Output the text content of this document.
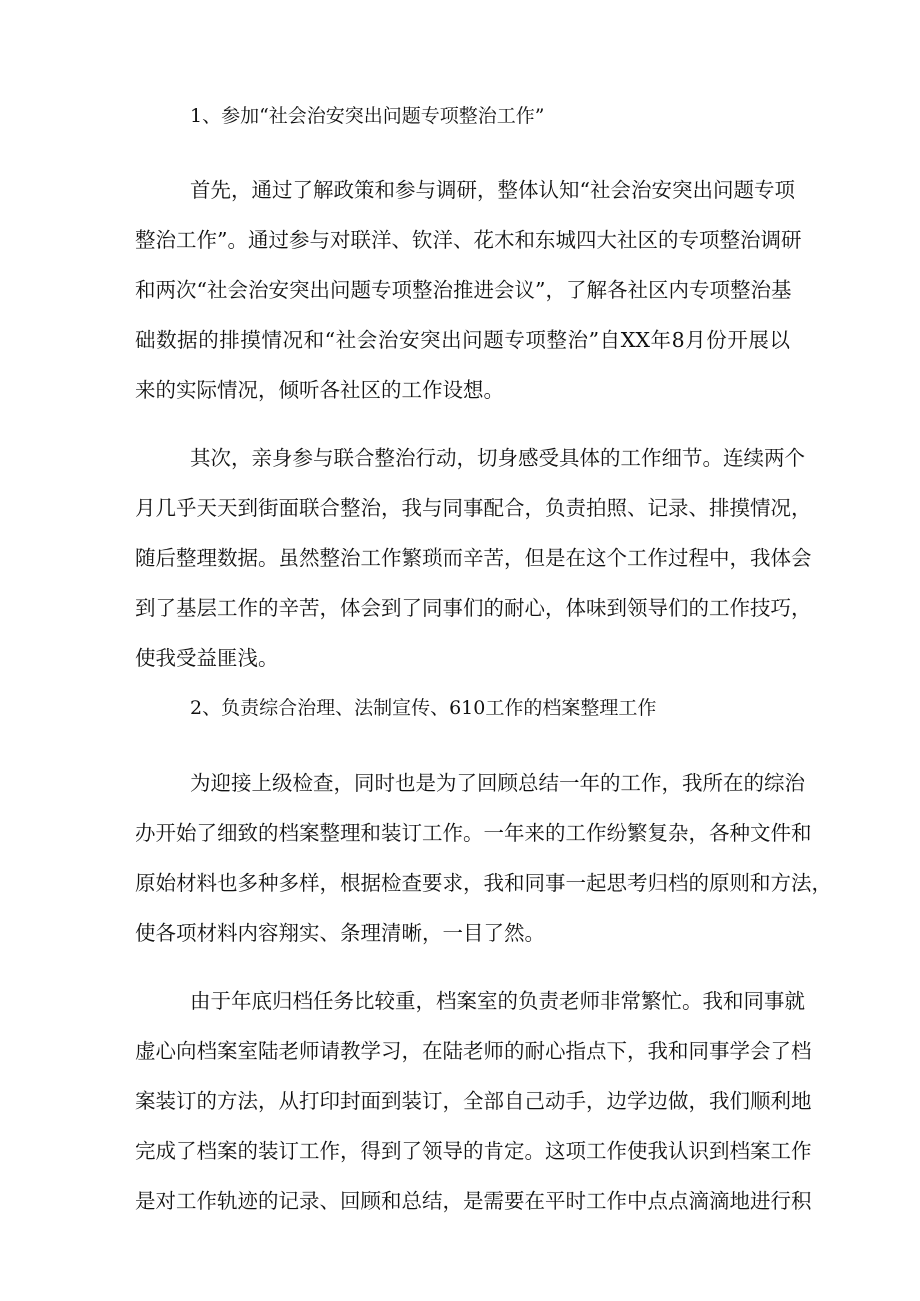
1、参加“社会治安突出问题专项整治工作”
首先，通过了解政策和参与调研，整体认知“社会治安突出问题专项
整治工作”。通过参与对联洋、钦洋、花木和东城四大社区的专项整治调研
和两次“社会治安突出问题专项整治推进会议”，了解各社区内专项整治基
础数据的排摸情况和“社会治安突出问题专项整治”自XX年8月份开展以
来的实际情况，倾听各社区的工作设想。
其次，亲身参与联合整治行动，切身感受具体的工作细节。连续两个
月几乎天天到街面联合整治，我与同事配合，负责拍照、记录、排摸情况，
随后整理数据。虽然整治工作繁琐而辛苦，但是在这个工作过程中，我体会
到了基层工作的辛苦，体会到了同事们的耐心，体味到领导们的工作技巧，
使我受益匪浅。
2、负责综合治理、法制宣传、610工作的档案整理工作
为迎接上级检查，同时也是为了回顾总结一年的工作，我所在的综治
办开始了细致的档案整理和装订工作。一年来的工作纷繁复杂，各种文件和
原始材料也多种多样，根据检查要求，我和同事一起思考归档的原则和方法，
使各项材料内容翔实、条理清晰，一目了然。
由于年底归档任务比较重，档案室的负责老师非常繁忙。我和同事就
虚心向档案室陆老师请教学习，在陆老师的耐心指点下，我和同事学会了档
案装订的方法，从打印封面到装订，全部自己动手，边学边做，我们顺利地
完成了档案的装订工作，得到了领导的肯定。这项工作使我认识到档案工作
是对工作轨迹的记录、回顾和总结，是需要在平时工作中点点滴滴地进行积
